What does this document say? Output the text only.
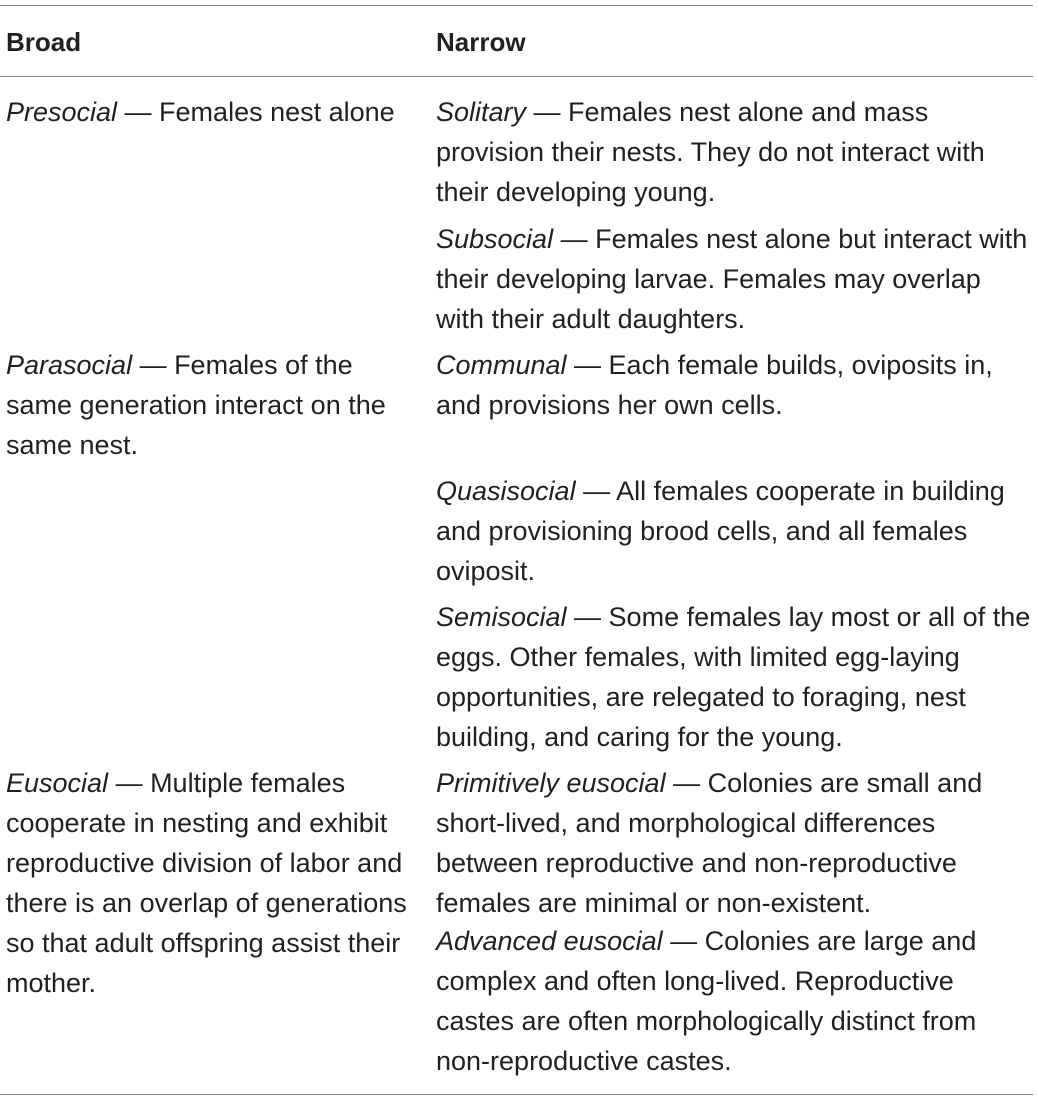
Broad	Narrow

Presocial — Females nest alone

Parasocial — Females of the same generation interact on the same nest.

Eusocial — Multiple females cooperate in nesting and exhibit reproductive division of labor and there is an overlap of generations so that adult offspring assist their mother.

Solitary — Females nest alone and mass provision their nests. They do not interact with their developing young.

Subsocial — Females nest alone but interact with their developing larvae. Females may overlap with their adult daughters.

Communal — Each female builds, oviposits in, and provisions her own cells.

Quasisocial — All females cooperate in building and provisioning brood cells, and all females oviposit.

Semisocial — Some females lay most or all of the eggs. Other females, with limited egg-laying opportunities, are relegated to foraging, nest building, and caring for the young.

Primitively eusocial — Colonies are small and short-lived, and morphological differences between reproductive and non-reproductive females are minimal or non-existent.

Advanced eusocial — Colonies are large and complex and often long-lived. Reproductive castes are often morphologically distinct from non-reproductive castes.
